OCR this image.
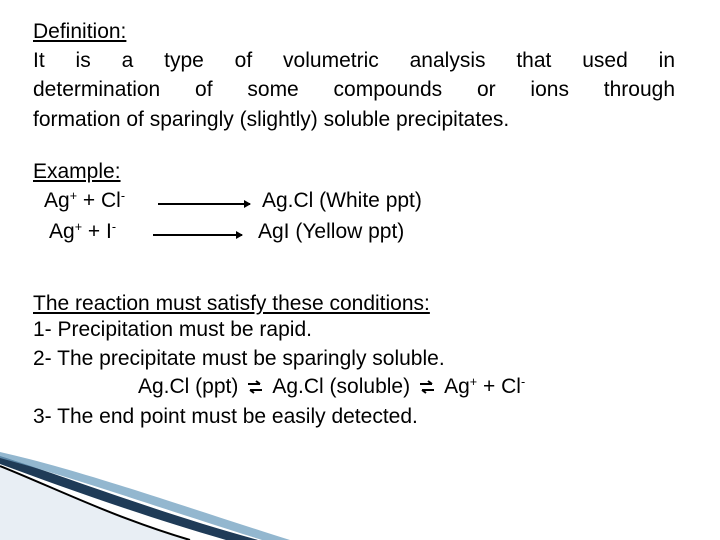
Definition:
It is a type of volumetric analysis that used in
determination of some compounds or ions through
formation of sparingly (slightly) soluble precipitates.
Example:
Ag+ + Cl-	Ag.Cl (White ppt)
Ag+ + I-	AgI (Yellow ppt)
The reaction must satisfy these conditions:
1- Precipitation must be rapid.
2- The precipitate must be sparingly soluble.
Ag.Cl (ppt) ⇌ Ag.Cl (soluble) ⇌ Ag+ + Cl-
3- The end point must be easily detected.
